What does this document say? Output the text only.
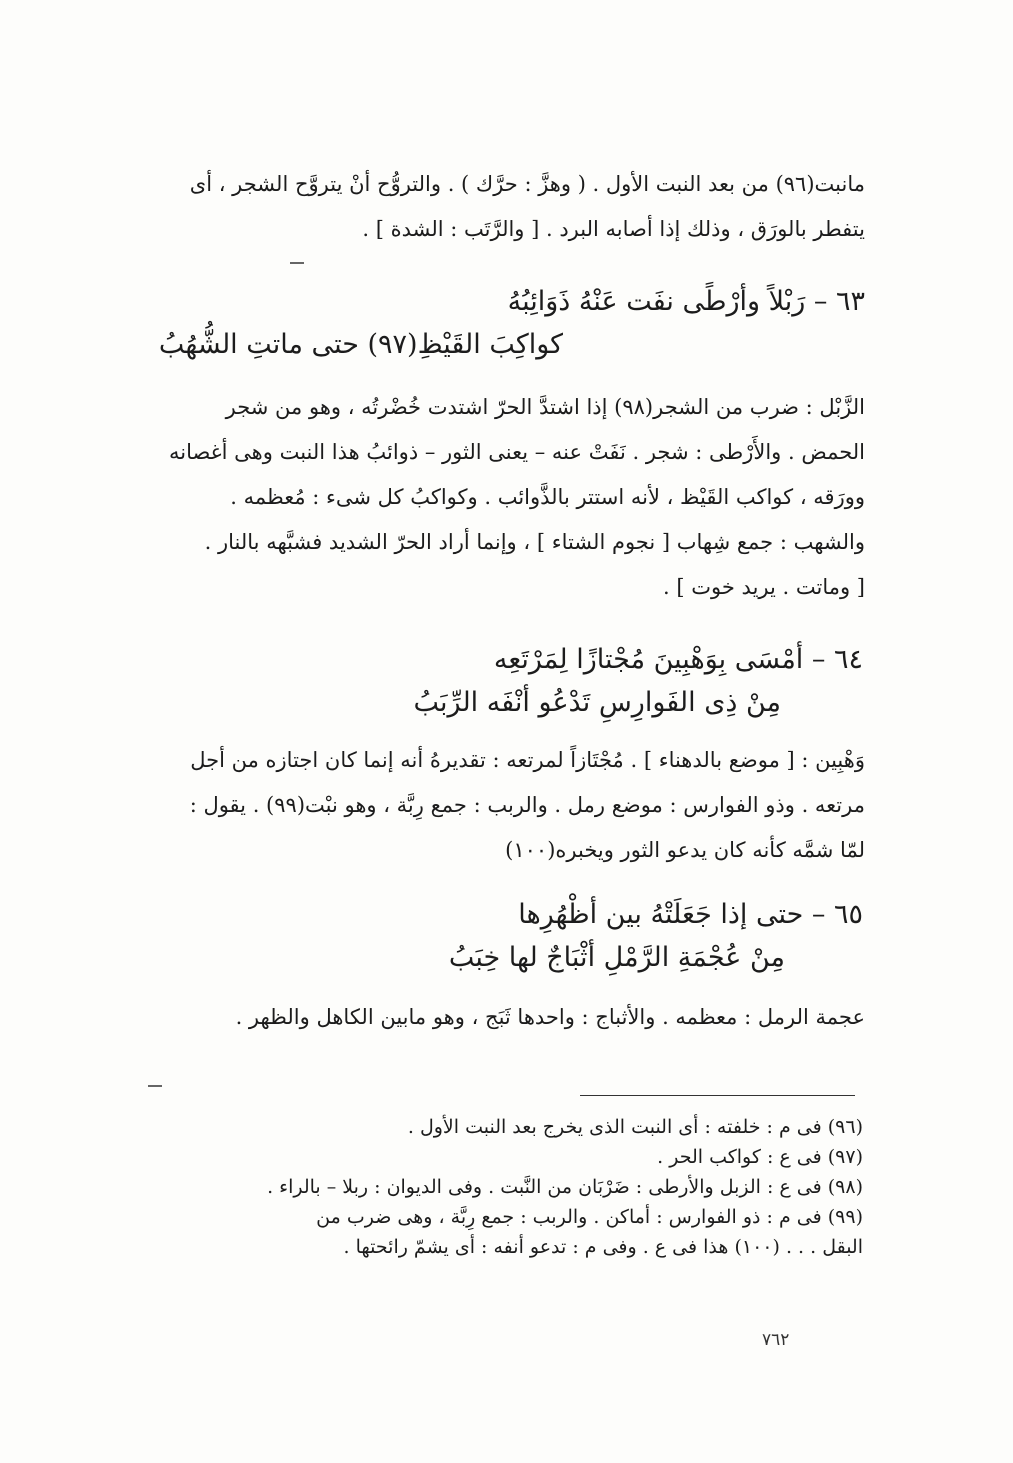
مانبت(٩٦) من بعد النبت الأول . ( وهزَّ : حرَّك ) . والتروُّح أنْ يتروَّح الشجر ، أى
يتفطر بالورَق ، وذلك إذا أصابه البرد . [ والرَّتَب : الشدة ] .
٦٣ – رَبْلاً وأرْطًى نفَت عَنْهُ ذَوَائِبُهُ
كواكِبَ القَيْظِ(٩٧) حتى ماتتِ الشُّهُبُ
الزَّبْل : ضرب من الشجر(٩٨) إذا اشتدَّ الحرّ اشتدت خُضْرتُه ، وهو من شجر
الحمض . والأَرْطى : شجر . نَفَتْ عنه – يعنى الثور – ذوائبُ هذا النبت وهى أغصانه
وورَقه ، كواكب القَيْظ ، لأنه استتر بالذَّوائب . وكواكبُ كل شىء : مُعظمه .
والشهب : جمع شِهاب [ نجوم الشتاء ] ، وإنما أراد الحرّ الشديد فشبَّهه بالنار .
[ وماتت . يريد خوت ] .
٦٤ – أمْسَى بِوَهْبِينَ مُجْتازًا لِمَرْتَعِه
مِنْ ذِى الفَوارِسِ تَدْعُو أنْفَه الرِّبَبُ
وَهْبِين : [ موضع بالدهناء ] . مُجْتَازاً لمرتعه : تقديرهُ أنه إنما كان اجتازه من أجل
مرتعه . وذو الفوارس : موضع رمل . والربب : جمع رِبَّة ، وهو نبْت(٩٩) . يقول :
لمّا شمَّه كأنه كان يدعو الثور ويخبره(١٠٠)
٦٥ – حتى إذا جَعَلَتْهُ بين أظْهُرِها
مِنْ عُجْمَةِ الرَّمْلِ أثْبَاجٌ لها خِبَبُ
عجمة الرمل : معظمه . والأثباج : واحدها ثَبَج ، وهو مابين الكاهل والظهر .
(٩٦) فى م : خلفته : أى النبت الذى يخرج بعد النبت الأول .
(٩٧) فى ع : كواكب الحر .
(٩٨) فى ع : الزبل والأرطى : ضَرْبَان من النَّبت . وفى الديوان : ربلا – بالراء .
(٩٩) فى م : ذو الفوارس : أماكن . والربب : جمع رِبَّة ، وهى ضرب من
البقل . . . (١٠٠) هذا فى ع . وفى م : تدعو أنفه : أى يشمّ رائحتها .
٧٦٢
